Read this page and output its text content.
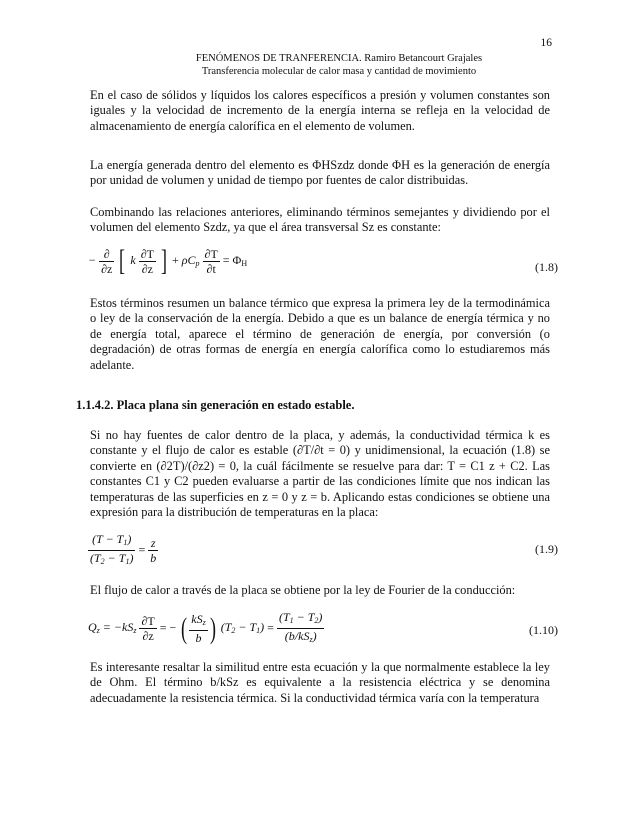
16
FENÓMENOS DE TRANFERENCIA. Ramiro Betancourt Grajales
Transferencia molecular de calor masa y cantidad de movimiento
En el caso de sólidos y líquidos los calores específicos a presión y volumen constantes son iguales y la velocidad de incremento de la energía interna se refleja en la velocidad de almacenamiento de energía calorífica en el elemento de volumen.
La energía generada dentro del elemento es ΦHSzdz donde ΦH es la generación de energía por unidad de volumen y unidad de tiempo por fuentes de calor distribuidas.
Combinando las relaciones anteriores, eliminando términos semejantes y dividiendo por el volumen del elemento Szdz, ya que el área transversal Sz es constante:
− $\frac{\partial}{\partial z}$ [ k $\frac{\partial T}{\partial z}$ ] + $\rho C_p \frac{\partial T}{\partial t} = \Phi_H$	(1.8)
Estos términos resumen un balance térmico que expresa la primera ley de la termodinámica o ley de la conservación de la energía. Debido a que es un balance de energía térmica y no de energía total, aparece el término de generación de energía, por conversión (o degradación) de otras formas de energía en energía calorífica como lo estudiaremos más adelante.
1.1.4.2. Placa plana sin generación en estado estable.
Si no hay fuentes de calor dentro de la placa, y además, la conductividad térmica k es constante y el flujo de calor es estable (∂T/∂t = 0) y unidimensional, la ecuación (1.8) se convierte en (∂2T)/(∂z2) = 0, la cuál fácilmente se resuelve para dar: T = C1 z + C2. Las constantes C1 y C2 pueden evaluarse a partir de las condiciones límite que nos indican las temperaturas de las superficies en z = 0 y z = b. Aplicando estas condiciones se obtiene una expresión para la distribución de temperaturas en la placa:
$\frac{(T - T_1)}{(T_2 - T_1)} = \frac{z}{b}$	(1.9)
El flujo de calor a través de la placa se obtiene por la ley de Fourier de la conducción:
$Q_z = -kS_z \frac{\partial T}{\partial z}$ = − ( $\frac{kS_z}{b}$ ) $(T_2 - T_1) = \frac{(T_1 - T_2)}{(b/kS_z)}$	(1.10)
Es interesante resaltar la similitud entre esta ecuación y la que normalmente establece la ley de Ohm. El término b/kSz es equivalente a la resistencia eléctrica y se denomina adecuadamente la resistencia térmica. Si la conductividad térmica varía con la temperatura
